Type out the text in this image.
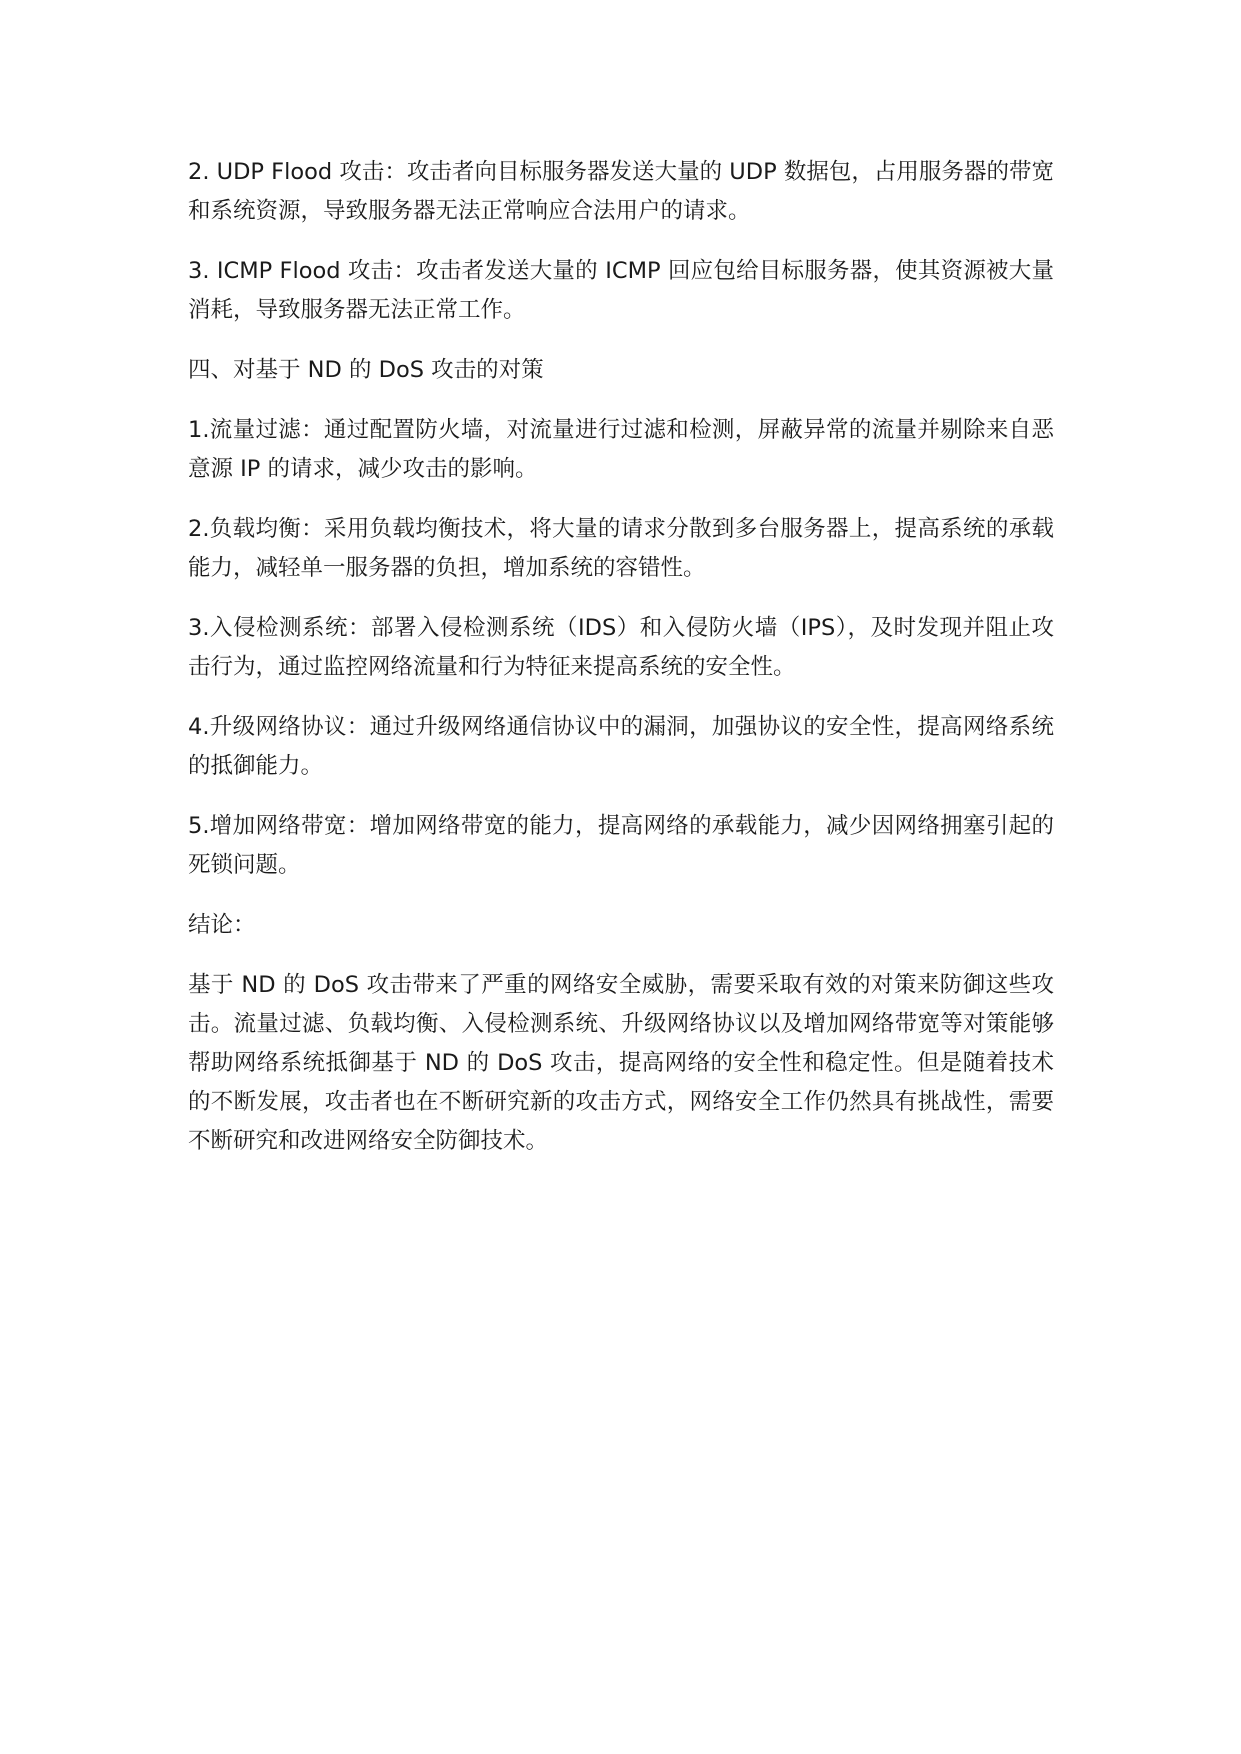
2. UDP Flood 攻击：攻击者向目标服务器发送大量的 UDP 数据包，占用服务器的带宽和系统资源，导致服务器无法正常响应合法用户的请求。

3. ICMP Flood 攻击：攻击者发送大量的 ICMP 回应包给目标服务器，使其资源被大量消耗，导致服务器无法正常工作。

四、对基于 ND 的 DoS 攻击的对策

1.流量过滤：通过配置防火墙，对流量进行过滤和检测，屏蔽异常的流量并剔除来自恶意源 IP 的请求，减少攻击的影响。

2.负载均衡：采用负载均衡技术，将大量的请求分散到多台服务器上，提高系统的承载能力，减轻单一服务器的负担，增加系统的容错性。

3.入侵检测系统：部署入侵检测系统（IDS）和入侵防火墙（IPS），及时发现并阻止攻击行为，通过监控网络流量和行为特征来提高系统的安全性。

4.升级网络协议：通过升级网络通信协议中的漏洞，加强协议的安全性，提高网络系统的抵御能力。

5.增加网络带宽：增加网络带宽的能力，提高网络的承载能力，减少因网络拥塞引起的死锁问题。

结论：

基于 ND 的 DoS 攻击带来了严重的网络安全威胁，需要采取有效的对策来防御这些攻击。流量过滤、负载均衡、入侵检测系统、升级网络协议以及增加网络带宽等对策能够帮助网络系统抵御基于 ND 的 DoS 攻击，提高网络的安全性和稳定性。但是随着技术的不断发展，攻击者也在不断研究新的攻击方式，网络安全工作仍然具有挑战性，需要不断研究和改进网络安全防御技术。
